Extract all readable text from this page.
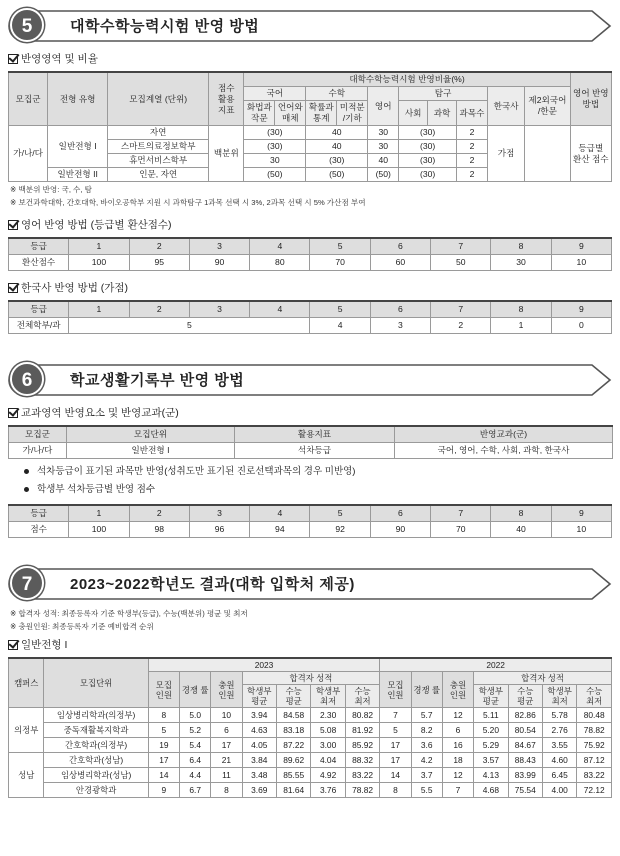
5	대학수학능력시험 반영 방법
반영영역 및 비율
모집군	전형 유형	모집계열 (단위)	점수 활용 지표	대학수학능력시험 반영비율(%)										영어 반영 방법
				국어		수학		영어	탐구			한국사	제2외국어 /한문	
				화법과 작문	언어와 매체	확률과 통계	미적분 /기하		사회	과학	과목수			
가/나/다	일반전형 I	자연	백분위	(30)		40		30	(30)		2	가점		등급별 환산 점수
		스마트의료정보학부		(30)		40		30	(30)		2			
		휴먼서비스학부		30		(30)		40	(30)		2			
	일반전형 II	인문, 자연		(50)		(50)		(50)	(30)		2			
※ 백분위 반영: 국, 수, 탐
※ 보건과학대학, 간호대학, 바이오공학부 지원 시 과학탐구 1과목 선택 시 3%, 2과목 선택 시 5% 가산점 부여
영어 반영 방법 (등급별 환산점수)
등급	1	2	3	4	5	6	7	8	9
환산점수	100	95	90	80	70	60	50	30	10
한국사 반영 방법 (가점)
등급	1	2	3	4	5	6	7	8	9
전체학부/과	5				4	3	2	1	0
6	학교생활기록부 반영 방법
교과영역 반영요소 및 반영교과(군)
모집군	모집단위	활용지표	반영교과(군)
가/나/다	일반전형 I	석차등급	국어, 영어, 수학, 사회, 과학, 한국사
석차등급이 표기된 과목만 반영(성취도만 표기된 진로선택과목의 경우 미반영)
학생부 석차등급별 반영 점수
등급	1	2	3	4	5	6	7	8	9
점수	100	98	96	94	92	90	70	40	10
7	2023~2022학년도 결과(대학 입학처 제공)
※ 합격자 성적: 최종등록자 기준 학생부(등급), 수능(백분위) 평균 및 최저
※ 충원인원: 최종등록자 기준 예비합격 순위
일반전형 I
캠퍼스	모집단위	2023							2022						
		모집 인원	경쟁 률	충원 인원	합격자 성적				모집 인원	경쟁 률	충원 인원	합격자 성적			
					학생부 평균	수능 평균	학생부 최저	수능 최저				학생부 평균	수능 평균	학생부 최저	수능 최저
의정부	임상병리학과(의정부)	8	5.0	10	3.94	84.58	2.30	80.82	7	5.7	12	5.11	82.86	5.78	80.48
	중독재활복지학과	5	5.2	6	4.63	83.18	5.08	81.92	5	8.2	6	5.20	80.54	2.76	78.82
	간호학과(의정부)	19	5.4	17	4.05	87.22	3.00	85.92	17	3.6	16	5.29	84.67	3.55	75.92
성남	간호학과(성남)	17	6.4	21	3.84	89.62	4.04	88.32	17	4.2	18	3.57	88.43	4.60	87.12
	임상병리학과(성남)	14	4.4	11	3.48	85.55	4.92	83.22	14	3.7	12	4.13	83.99	6.45	83.22
	안경광학과	9	6.7	8	3.69	81.64	3.76	78.82	8	5.5	7	4.68	75.54	4.00	72.12
